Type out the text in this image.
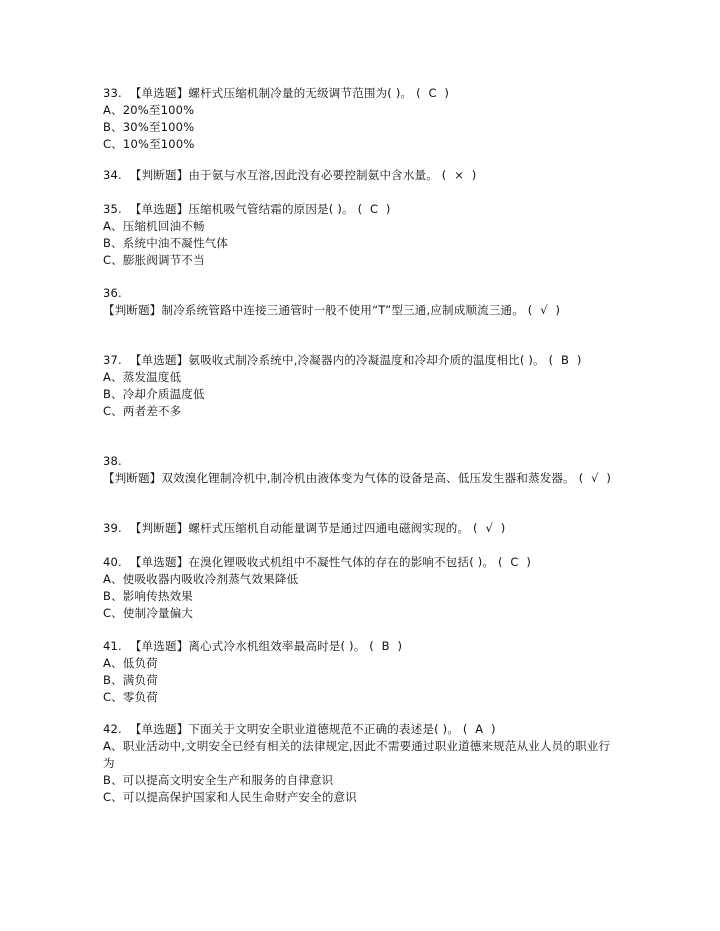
33. 【单选题】螺杆式压缩机制冷量的无级调节范围为( )。 (  C  )
A、20%至100%
B、30%至100%
C、10%至100%
34. 【判断题】由于氨与水互溶,因此没有必要控制氨中含水量。 (  ×  )
35. 【单选题】压缩机吸气管结霜的原因是( )。 (  C  )
A、压缩机回油不畅
B、系统中油不凝性气体
C、膨胀阀调节不当
36.
【判断题】制冷系统管路中连接三通管时一般不使用“T”型三通,应制成顺流三通。 (  √  )
37. 【单选题】氨吸收式制冷系统中,冷凝器内的冷凝温度和冷却介质的温度相比( )。 (  B  )
A、蒸发温度低
B、冷却介质温度低
C、两者差不多
38.
【判断题】双效溴化锂制冷机中,制冷机由液体变为气体的设备是高、低压发生器和蒸发器。 (  √  )
39. 【判断题】螺杆式压缩机自动能量调节是通过四通电磁阀实现的。 (  √  )
40. 【单选题】在溴化锂吸收式机组中不凝性气体的存在的影响不包括( )。 (  C  )
A、使吸收器内吸收冷剂蒸气效果降低
B、影响传热效果
C、使制冷量偏大
41. 【单选题】离心式冷水机组效率最高时是( )。 (  B  )
A、低负荷
B、满负荷
C、零负荷
42. 【单选题】下面关于文明安全职业道德规范不正确的表述是( )。 (  A  )
A、职业活动中,文明安全已经有相关的法律规定,因此不需要通过职业道德来规范从业人员的职业行为
B、可以提高文明安全生产和服务的自律意识
C、可以提高保护国家和人民生命财产安全的意识
